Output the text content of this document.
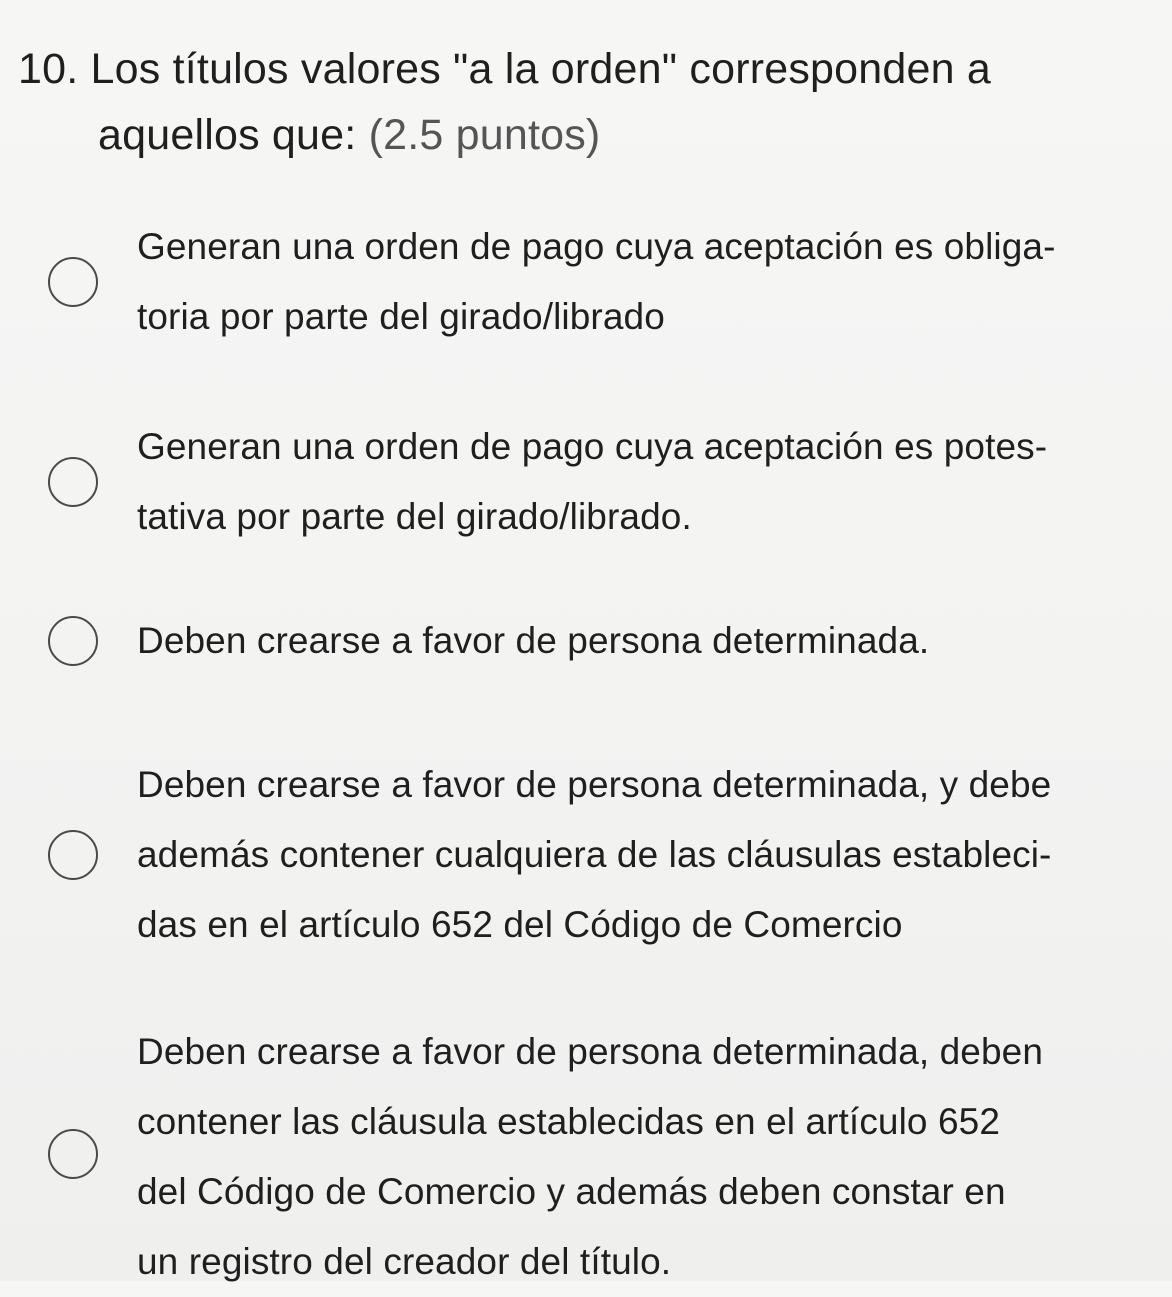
10. Los títulos valores "a la orden" corresponden a
aquellos que: (2.5 puntos)
Generan una orden de pago cuya aceptación es obliga-
toria por parte del girado/librado
Generan una orden de pago cuya aceptación es potes-
tativa por parte del girado/librado.
Deben crearse a favor de persona determinada.
Deben crearse a favor de persona determinada, y debe
además contener cualquiera de las cláusulas estableci-
das en el artículo 652 del Código de Comercio
Deben crearse a favor de persona determinada, deben
contener las cláusula establecidas en el artículo 652
del Código de Comercio y además deben constar en
un registro del creador del título.
